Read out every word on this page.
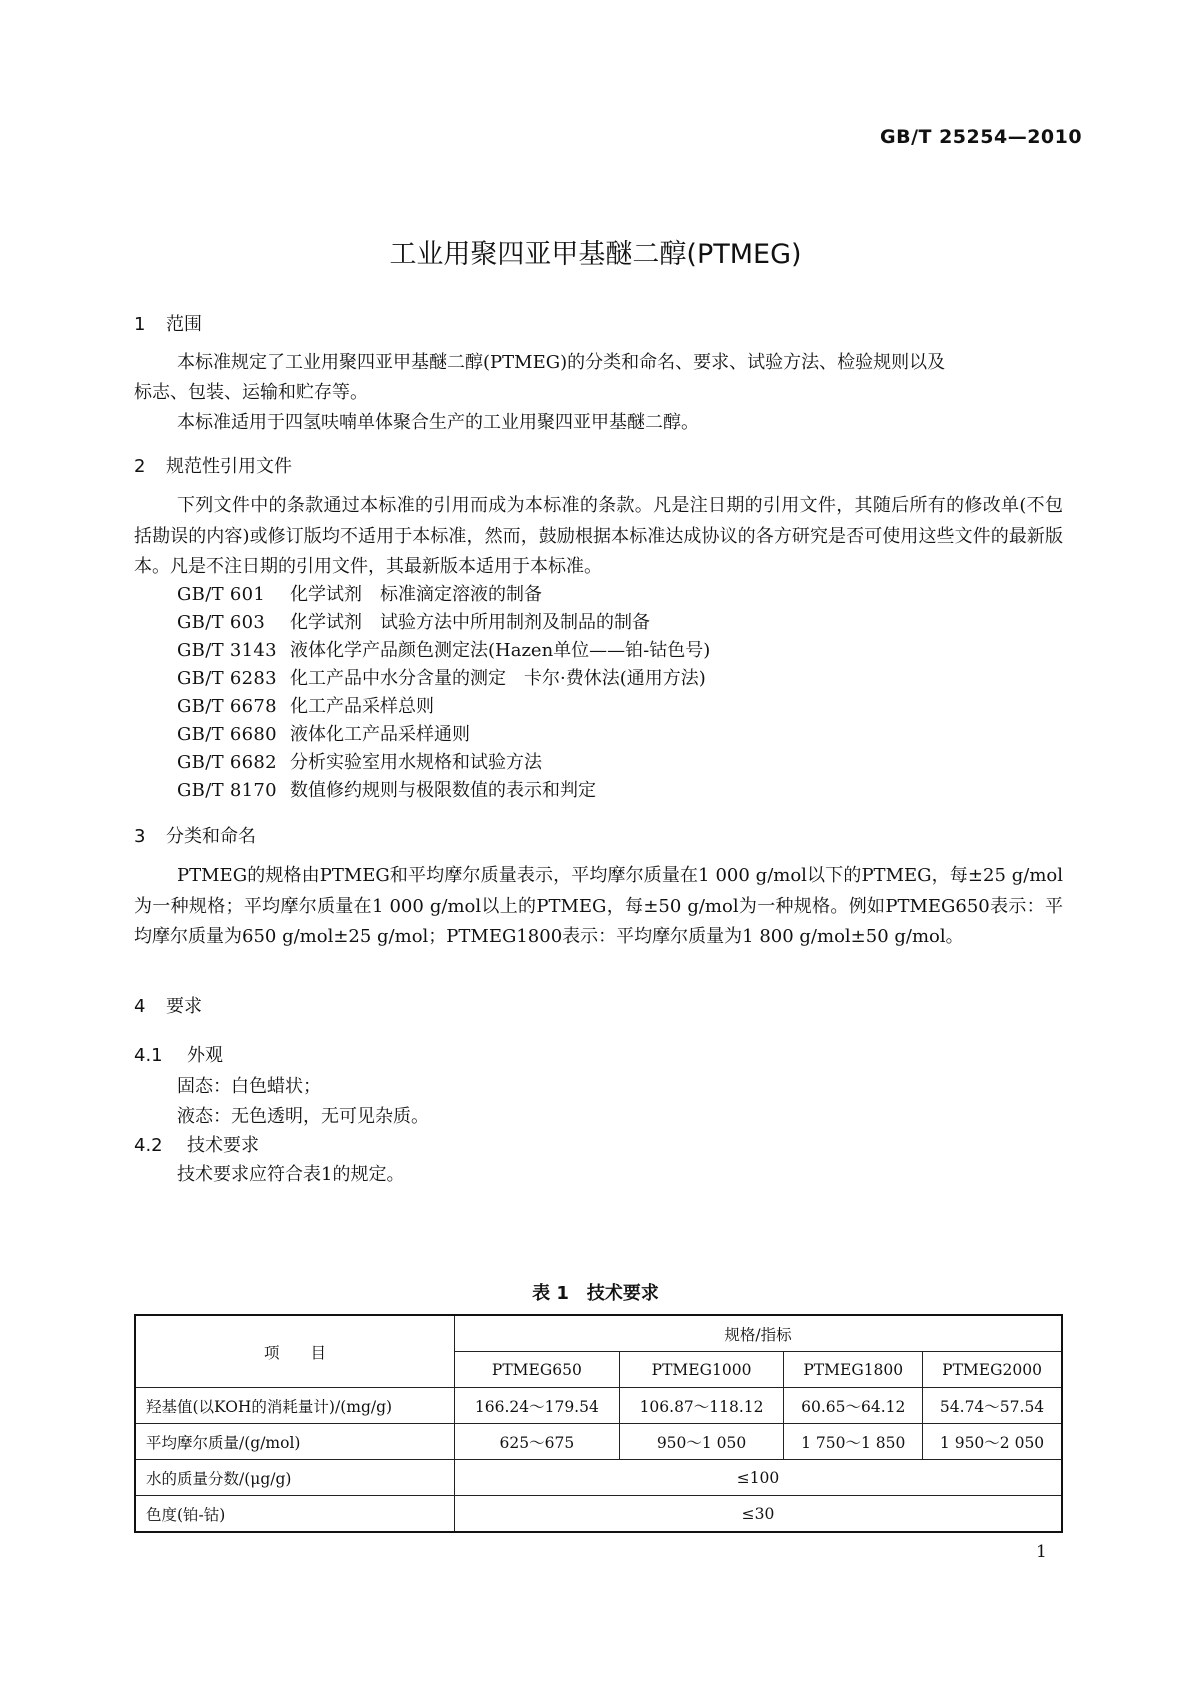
GB/T 25254—2010
工业用聚四亚甲基醚二醇(PTMEG)
1 范围
本标准规定了工业用聚四亚甲基醚二醇(PTMEG)的分类和命名、要求、试验方法、检验规则以及
标志、包装、运输和贮存等。
本标准适用于四氢呋喃单体聚合生产的工业用聚四亚甲基醚二醇。
2 规范性引用文件
下列文件中的条款通过本标准的引用而成为本标准的条款。凡是注日期的引用文件，其随后所有的修改单(不包括勘误的内容)或修订版均不适用于本标准，然而，鼓励根据本标准达成协议的各方研究是否可使用这些文件的最新版本。凡是不注日期的引用文件，其最新版本适用于本标准。
GB/T 601 化学试剂　标准滴定溶液的制备
GB/T 603 化学试剂　试验方法中所用制剂及制品的制备
GB/T 3143 液体化学产品颜色测定法(Hazen单位——铂-钴色号)
GB/T 6283 化工产品中水分含量的测定　卡尔·费休法(通用方法)
GB/T 6678 化工产品采样总则
GB/T 6680 液体化工产品采样通则
GB/T 6682 分析实验室用水规格和试验方法
GB/T 8170 数值修约规则与极限数值的表示和判定
3 分类和命名
PTMEG的规格由PTMEG和平均摩尔质量表示，平均摩尔质量在1 000 g/mol以下的PTMEG，每±25 g/mol为一种规格；平均摩尔质量在1 000 g/mol以上的PTMEG，每±50 g/mol为一种规格。例如PTMEG650表示：平均摩尔质量为650 g/mol±25 g/mol；PTMEG1800表示：平均摩尔质量为1 800 g/mol±50 g/mol。
4 要求
4.1 外观
固态：白色蜡状；
液态：无色透明，无可见杂质。
4.2 技术要求
技术要求应符合表1的规定。
表 1　技术要求
项　　目	规格/指标			
	PTMEG650	PTMEG1000	PTMEG1800	PTMEG2000
羟基值(以KOH的消耗量计)/(mg/g)	166.24～179.54	106.87～118.12	60.65～64.12	54.74～57.54
平均摩尔质量/(g/mol)	625～675	950～1 050	1 750～1 850	1 950～2 050
水的质量分数/(μg/g)	≤100			
色度(铂-钴)	≤30			
1
